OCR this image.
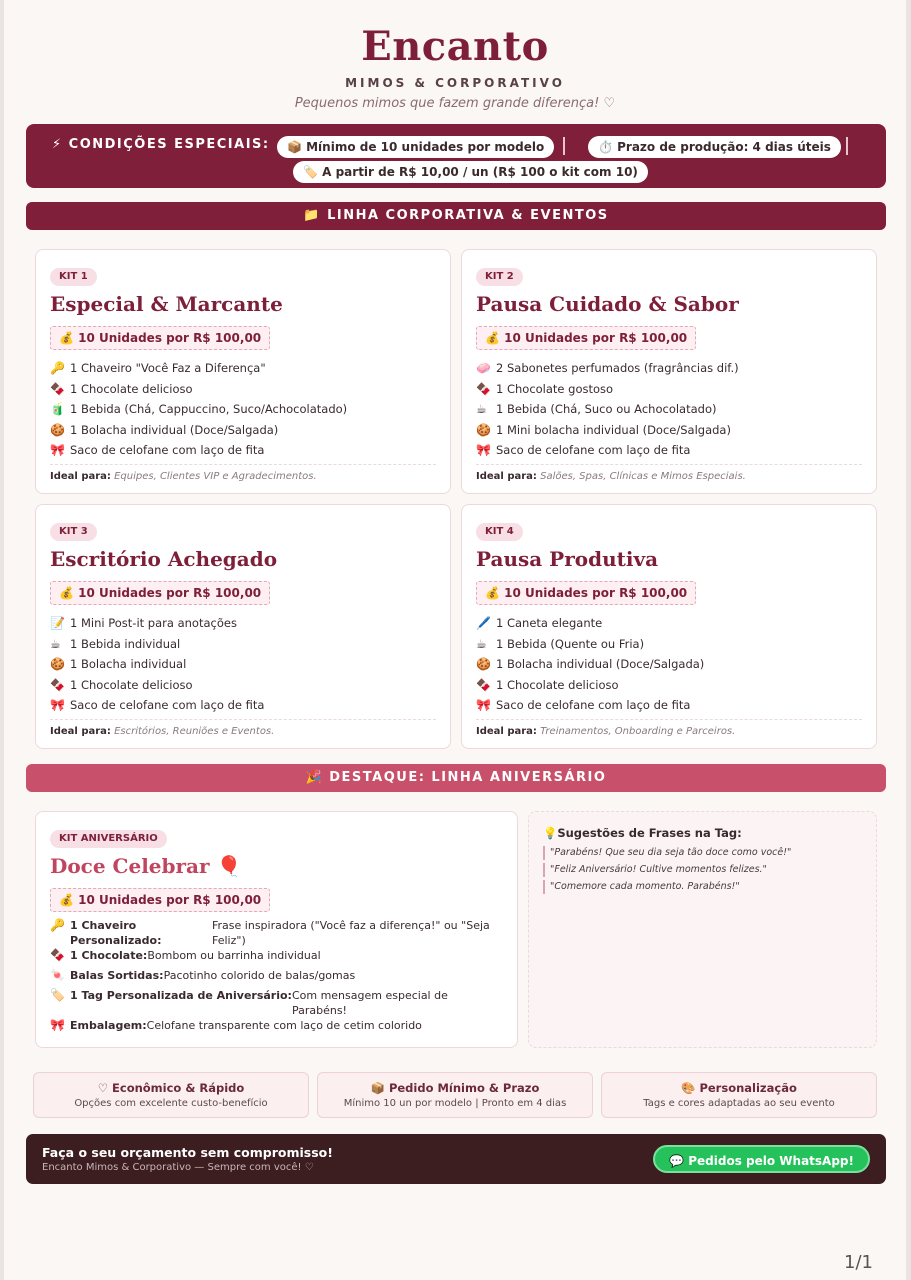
Encanto
MIMOS & CORPORATIVO
Pequenos mimos que fazem grande diferença! ♡
⚡ CONDIÇÕES ESPECIAIS:	📦 Mínimo de 10 unidades por modelo	⏱️ Prazo de produção: 4 dias úteis
🏷️ A partir de R$ 10,00 / un (R$ 100 o kit com 10)
📁 LINHA CORPORATIVA & EVENTOS
KIT 1
Especial & Marcante
💰 10 Unidades por R$ 100,00
🔑 1 Chaveiro "Você Faz a Diferença"
🍫 1 Chocolate delicioso
🧃 1 Bebida (Chá, Cappuccino, Suco/Achocolatado)
🍪 1 Bolacha individual (Doce/Salgada)
🎀 Saco de celofane com laço de fita
Ideal para: Equipes, Clientes VIP e Agradecimentos.
KIT 2
Pausa Cuidado & Sabor
💰 10 Unidades por R$ 100,00
🧼 2 Sabonetes perfumados (fragrâncias dif.)
🍫 1 Chocolate gostoso
☕ 1 Bebida (Chá, Suco ou Achocolatado)
🍪 1 Mini bolacha individual (Doce/Salgada)
🎀 Saco de celofane com laço de fita
Ideal para: Salões, Spas, Clínicas e Mimos Especiais.
KIT 3
Escritório Achegado
💰 10 Unidades por R$ 100,00
📝 1 Mini Post-it para anotações
☕ 1 Bebida individual
🍪 1 Bolacha individual
🍫 1 Chocolate delicioso
🎀 Saco de celofane com laço de fita
Ideal para: Escritórios, Reuniões e Eventos.
KIT 4
Pausa Produtiva
💰 10 Unidades por R$ 100,00
🖊️ 1 Caneta elegante
☕ 1 Bebida (Quente ou Fria)
🍪 1 Bolacha individual (Doce/Salgada)
🍫 1 Chocolate delicioso
🎀 Saco de celofane com laço de fita
Ideal para: Treinamentos, Onboarding e Parceiros.
🎉 DESTAQUE: LINHA ANIVERSÁRIO
KIT ANIVERSÁRIO
Doce Celebrar 🎈
💰 10 Unidades por R$ 100,00
🔑 1 Chaveiro Personalizado:
Frase inspiradora ("Você faz a diferença!" ou "Seja Feliz")
🍫 1 Chocolate: Bombom ou barrinha individual
🍬 Balas Sortidas: Pacotinho colorido de balas/gomas
🏷️ 1 Tag Personalizada de Aniversário: Com mensagem especial de Parabéns!
🎀 Embalagem: Celofane transparente com laço de cetim colorido
💡Sugestões de Frases na Tag:
"Parabéns! Que seu dia seja tão doce como você!"
"Feliz Aniversário! Cultive momentos felizes."
"Comemore cada momento. Parabéns!"
♡ Econômico & Rápido
Opções com excelente custo-benefício
📦 Pedido Mínimo & Prazo
Mínimo 10 un por modelo | Pronto em 4 dias
🎨 Personalização
Tags e cores adaptadas ao seu evento
Faça o seu orçamento sem compromisso!
Encanto Mimos & Corporativo — Sempre com você! ♡	💬 Pedidos pelo WhatsApp!
1/1
